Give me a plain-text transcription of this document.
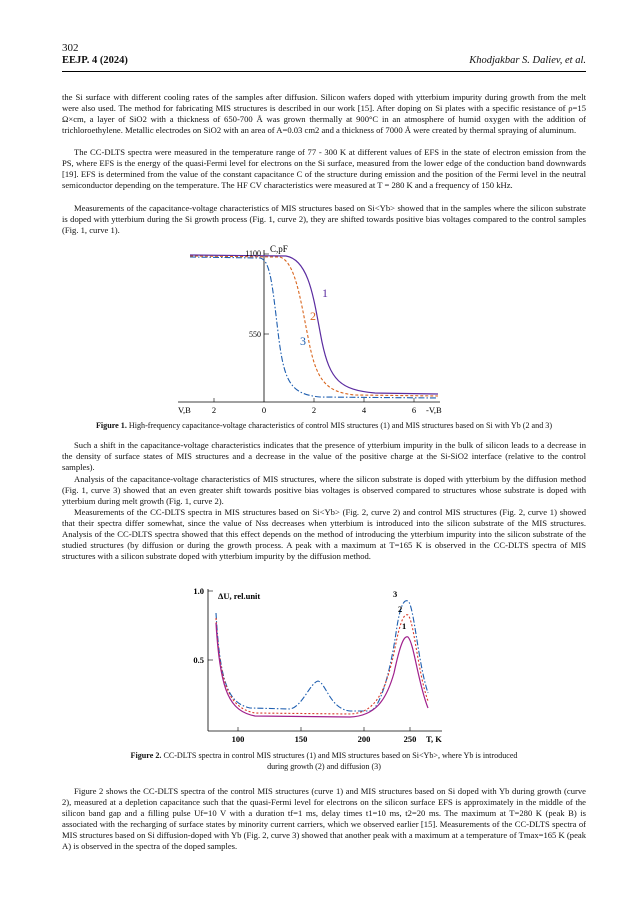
302
EEJP. 4 (2024)	Khodjakbar S. Daliev, et al.

the Si surface with different cooling rates of the samples after diffusion. Silicon wafers doped with ytterbium impurity during growth from the melt were also used. The method for fabricating MIS structures is described in our work [15]. After doping on Si plates with a specific resistance of ρ=15 Ω×cm, a layer of SiO2 with a thickness of 650-700 Å was grown thermally at 900°C in an atmosphere of humid oxygen with the addition of trichloroethylene. Metallic electrodes on SiO2 with an area of A=0.03 cm2 and a thickness of 7000 Å were created by thermal spraying of aluminum.

The CC-DLTS spectra were measured in the temperature range of 77 - 300 K at different values of EFS in the state of electron emission from the PS, where EFS is the energy of the quasi-Fermi level for electrons on the Si surface, measured from the lower edge of the conduction band downwards [19]. EFS is determined from the value of the constant capacitance C of the structure during emission and the position of the Fermi level in the neutral semiconductor depending on the temperature. The HF CV characteristics were measured at T = 280 K and a frequency of 150 kHz.

Measurements of the capacitance-voltage characteristics of MIS structures based on Si<Yb> showed that in the samples where the silicon substrate is doped with ytterbium during the Si growth process (Fig. 1, curve 2), they are shifted towards positive bias voltages compared to the control samples (Fig. 1, curve 1).

C,pF
1100
550
V,B 2	0	2	4	6 -V,B
1
2
3

Figure 1. High-frequency capacitance-voltage characteristics of control MIS structures (1) and MIS structures based on Si with Yb (2 and 3)

Such a shift in the capacitance-voltage characteristics indicates that the presence of ytterbium impurity in the bulk of silicon leads to a decrease in the density of surface states of MIS structures and a decrease in the value of the positive charge at the Si-SiO2 interface (relative to the control samples).

Analysis of the capacitance-voltage characteristics of MIS structures, where the silicon substrate is doped with ytterbium by the diffusion method (Fig. 1, curve 3) showed that an even greater shift towards positive bias voltages is observed compared to structures whose substrate is doped with ytterbium during melt growth (Fig. 1, curve 2).

Measurements of the CC-DLTS spectra in MIS structures based on Si<Yb> (Fig. 2, curve 2) and control MIS structures (Fig. 2, curve 1) showed that their spectra differ somewhat, since the value of Nss decreases when ytterbium is introduced into the silicon substrate of the MIS structures. Analysis of the CC-DLTS spectra showed that this effect depends on the method of introducing the ytterbium impurity into the silicon substrate of the studied structures (by diffusion or during the growth process. A peak with a maximum at T=165 K is observed in the CC-DLTS spectra of MIS structures with a silicon substrate doped with ytterbium impurity by the diffusion method.

ΔU, rel.unit
1.0
0.5
100	150	200	250 T, K
3
2
1

Figure 2. CC-DLTS spectra in control MIS structures (1) and MIS structures based on Si<Yb>, where Yb is introduced
during growth (2) and diffusion (3)

Figure 2 shows the CC-DLTS spectra of the control MIS structures (curve 1) and MIS structures based on Si doped with Yb during growth (curve 2), measured at a depletion capacitance such that the quasi-Fermi level for electrons on the silicon surface EFS is approximately in the middle of the silicon band gap and a filling pulse Uf=10 V with a duration tf=1 ms, delay times t1=10 ms, t2=20 ms. The maximum at T=280 K (peak B) is associated with the recharging of surface states by minority current carriers, which we observed earlier [15]. Measurements of the CC-DLTS spectra of MIS structures based on Si diffusion-doped with Yb (Fig. 2, curve 3) showed that another peak with a maximum at a temperature of Tmax=165 K (peak A) is observed in the spectra of the doped samples.
